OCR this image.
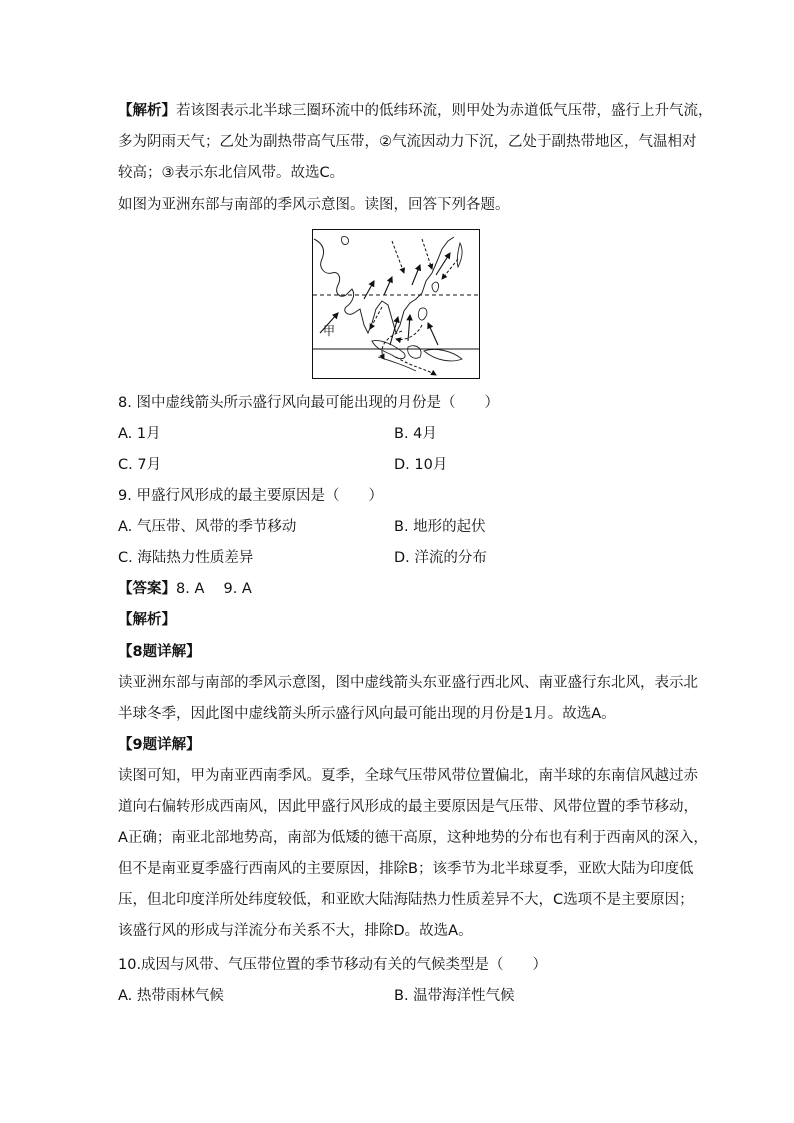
【解析】若该图表示北半球三圈环流中的低纬环流，则甲处为赤道低气压带，盛行上升气流，
多为阴雨天气；乙处为副热带高气压带，②气流因动力下沉，乙处于副热带地区，气温相对
较高；③表示东北信风带。故选C。
如图为亚洲东部与南部的季风示意图。读图，回答下列各题。
甲
8. 图中虚线箭头所示盛行风向最可能出现的月份是（　　）
A. 1月	B. 4月
C. 7月	D. 10月
9. 甲盛行风形成的最主要原因是（　　）
A. 气压带、风带的季节移动	B. 地形的起伏
C. 海陆热力性质差异	D. 洋流的分布
【答案】8. A　 9. A
【解析】
【8题详解】
读亚洲东部与南部的季风示意图，图中虚线箭头东亚盛行西北风、南亚盛行东北风，表示北
半球冬季，因此图中虚线箭头所示盛行风向最可能出现的月份是1月。故选A。
【9题详解】
读图可知，甲为南亚西南季风。夏季，全球气压带风带位置偏北，南半球的东南信风越过赤
道向右偏转形成西南风，因此甲盛行风形成的最主要原因是气压带、风带位置的季节移动，
A正确；南亚北部地势高，南部为低矮的德干高原，这种地势的分布也有利于西南风的深入，
但不是南亚夏季盛行西南风的主要原因，排除B；该季节为北半球夏季，亚欧大陆为印度低
压，但北印度洋所处纬度较低，和亚欧大陆海陆热力性质差异不大，C选项不是主要原因；
该盛行风的形成与洋流分布关系不大，排除D。故选A。
10.成因与风带、气压带位置的季节移动有关的气候类型是（　　）
A. 热带雨林气候	B. 温带海洋性气候
